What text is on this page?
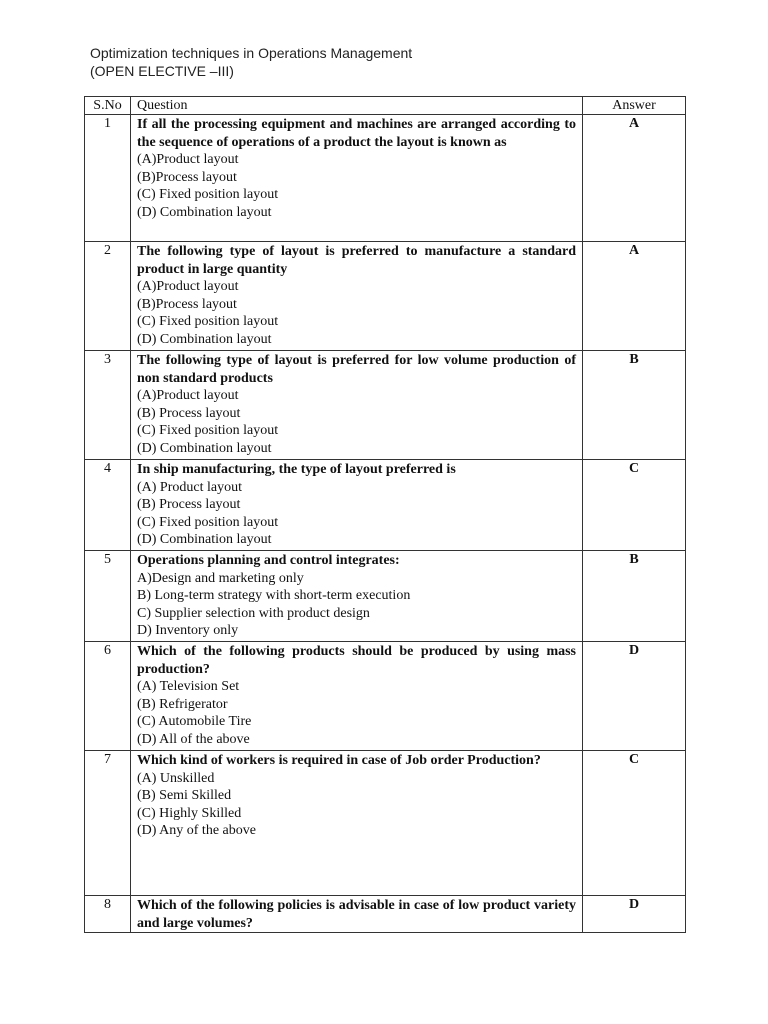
Optimization techniques in Operations Management
(OPEN ELECTIVE –III)
S.No	Question	Answer
1	If all the processing equipment and machines are arranged according to the sequence of operations of a product the layout is known as
(A)Product layout
(B)Process layout
(C) Fixed position layout
(D) Combination layout	A
2	The following type of layout is preferred to manufacture a standard product in large quantity
(A)Product layout
(B)Process layout
(C) Fixed position layout
(D) Combination layout	A
3	The following type of layout is preferred for low volume production of non standard products
(A)Product layout
(B) Process layout
(C) Fixed position layout
(D) Combination layout	B
4	In ship manufacturing, the type of layout preferred is
(A) Product layout
(B) Process layout
(C) Fixed position layout
(D) Combination layout	C
5	Operations planning and control integrates:
A)Design and marketing only
B) Long-term strategy with short-term execution
C) Supplier selection with product design
D) Inventory only	B
6	Which of the following products should be produced by using mass production?
(A) Television Set
(B) Refrigerator
(C) Automobile Tire
(D) All of the above	D
7	Which kind of workers is required in case of Job order Production?
(A) Unskilled
(B) Semi Skilled
(C) Highly Skilled
(D) Any of the above	C
8	Which of the following policies is advisable in case of low product variety and large volumes?	D
